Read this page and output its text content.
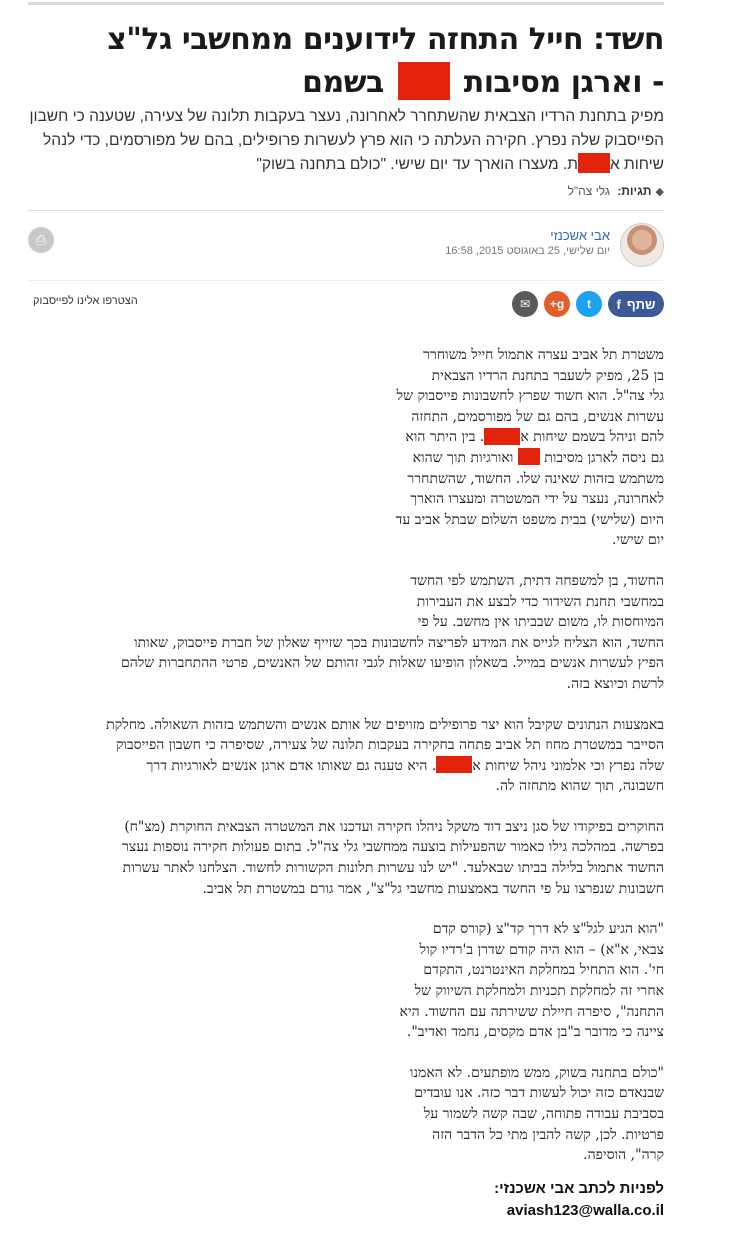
חשד: חייל התחזה לידוענים ממחשבי גל"צ
- וארגן מסיבות  בשמם

מפיק בתחנת הרדיו הצבאית שהשתחרר לאחרונה, נעצר בעקבות תלונה של צעירה, שטענה כי חשבון הפייסבוק שלה נפרץ. חקירה העלתה כי הוא פרץ לעשרות פרופילים, בהם של מפורסמים, כדי לנהל שיחות את. מעצרו הוארך עד יום שישי. "כולם בתחנה בשוק"

◆תגיות: גלי צה"ל
אבי אשכנזי
יום שלישי, 25 באוגוסט 2015, 16:58
⎙
שתף
f
t
g+
✉
הצטרפו אלינו לפייסבוק

משטרת תל אביב עצרה אתמול חייל משוחרר
בן 25, מפיק לשעבר בתחנת הרדיו הצבאית
גלי צה"ל. הוא חשוד שפרץ לחשבונות פייסבוק של
עשרות אנשים, בהם גם של מפורסמים, התחזה
להם וניהל בשמם שיחות א. בין היתר הוא
גם ניסה לארגן מסיבות  ואורגיות תוך שהוא
משתמש בזהות שאינה שלו. החשוד, שהשתחרר
לאחרונה, נעצר על ידי המשטרה ומעצרו הוארך
היום (שלישי) בבית משפט השלום שבתל אביב עד
יום שישי.

החשוד, בן למשפחה דתית, השתמש לפי החשד
במחשבי תחנת השידור כדי לבצע את העבירות
המיוחסות לו, משום שבביתו אין מחשב. על פי
החשד, הוא הצליח לגייס את המידע לפריצה לחשבונות בכך שזייף שאלון של חברת פייסבוק, שאותו
הפיץ לעשרות אנשים במייל. בשאלון הופיעו שאלות לגבי זהותם של האנשים, פרטי ההתחברות שלהם
לרשת וכיוצא בזה.

באמצעות הנתונים שקיבל הוא יצר פרופילים מזויפים של אותם אנשים והשתמש בזהות השאולה. מחלקת
הסייבר במשטרת מחוז תל אביב פתחה בחקירה בעקבות תלונה של צעירה, שסיפרה כי חשבון הפייסבוק
שלה נפרץ וכי אלמוני ניהל שיחות א. היא טענה גם שאותו אדם ארגן אנשים לאורגיות דרך
חשבונה, תוך שהוא מתחזה לה.

החוקרים בפיקודו של סגן ניצב דוד משקל ניהלו חקירה ועדכנו את המשטרה הצבאית החוקרת (מצ"ח)
בפרשה. במהלכה גילו כאמור שהפעילות בוצעה ממחשבי גלי צה"ל. בתום פעולות חקירה נוספות נעצר
החשוד אתמול בלילה בביתו שבאלעד. "יש לנו עשרות תלונות הקשורות לחשוד. הצלחנו לאתר עשרות
חשבונות שנפרצו על פי החשד באמצעות מחשבי גל"צ", אמר גורם במשטרת תל אביב.

"הוא הגיע לגל"צ לא דרך קד"צ (קורס קדם
צבאי, א"א) – הוא היה קודם שדרן ב'רדיו קול
חי'. הוא התחיל במחלקת האינטרנט, התקדם
אחרי זה למחלקת תכניות ולמחלקת השיווק של
התחנה", סיפרה חיילת ששירתה עם החשוד. היא
ציינה כי מדובר ב"בן אדם מקסים, נחמד ואדיב".

"כולם בתחנה בשוק, ממש מופתעים. לא האמנו
שבנאדם כזה יכול לעשות דבר כזה. אנו עובדים
בסביבת עבודה פתוחה, שבה קשה לשמור על
פרטיות. לכן, קשה להבין מתי כל הדבר הזה
קרה", הוסיפה.

לפניות לכתב אבי אשכנזי:
aviash123@walla.co.il
